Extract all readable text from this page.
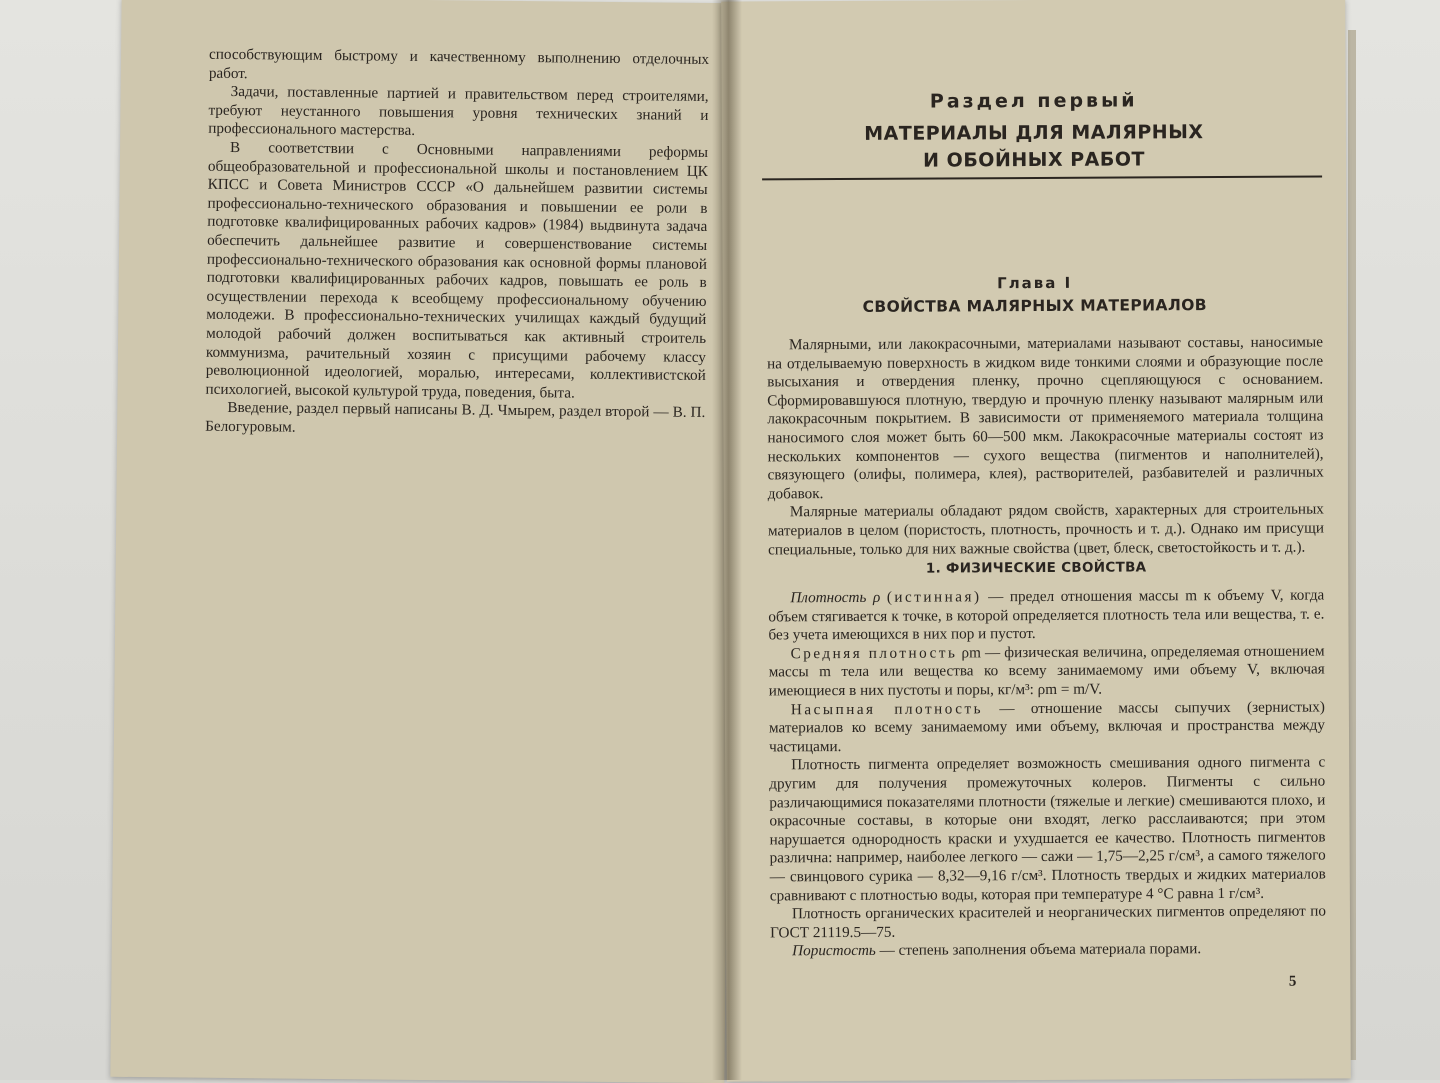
способствующим быстрому и качественному выполнению отделочных работ.

Задачи, поставленные партией и правительством перед строителями, требуют неустанного повышения уровня технических знаний и профессионального мастерства.

В соответствии с Основными направлениями реформы общеобразовательной и профессиональной школы и постановлением ЦК КПСС и Совета Министров СССР «О дальнейшем развитии системы профессионально-технического образования и повышении ее роли в подготовке квалифицированных рабочих кадров» (1984) выдвинута задача обеспечить дальнейшее развитие и совершенствование системы профессионально-технического образования как основной формы плановой подготовки квалифицированных рабочих кадров, повышать ее роль в осуществлении перехода к всеобщему профессиональному обучению молодежи. В профессионально-технических училищах каждый будущий молодой рабочий должен воспитываться как активный строитель коммунизма, рачительный хозяин с присущими рабочему классу революционной идеологией, моралью, интересами, коллективистской психологией, высокой культурой труда, поведения, быта.

Введение, раздел первый написаны В. Д. Чмырем, раздел второй — В. П. Белогуровым.

Раздел первый
МАТЕРИАЛЫ ДЛЯ МАЛЯРНЫХ
И ОБОЙНЫХ РАБОТ
Глава I
СВОЙСТВА МАЛЯРНЫХ МАТЕРИАЛОВ

Малярными, или лакокрасочными, материалами называют составы, наносимые на отделываемую поверхность в жидком виде тонкими слоями и образующие после высыхания и отвердения пленку, прочно сцепляющуюся с основанием. Сформировавшуюся плотную, твердую и прочную пленку называют малярным или лакокрасочным покрытием. В зависимости от применяемого материала толщина наносимого слоя может быть 60—500 мкм. Лакокрасочные материалы состоят из нескольких компонентов — сухого вещества (пигментов и наполнителей), связующего (олифы, полимера, клея), растворителей, разбавителей и различных добавок.

Малярные материалы обладают рядом свойств, характерных для строительных материалов в целом (пористость, плотность, прочность и т. д.). Однако им присущи специальные, только для них важные свойства (цвет, блеск, светостойкость и т. д.).

1. ФИЗИЧЕСКИЕ СВОЙСТВА

Плотность ρ (истинная) — предел отношения массы m к объему V, когда объем стягивается к точке, в которой определяется плотность тела или вещества, т. е. без учета имеющихся в них пор и пустот.

Средняя плотность ρm — физическая величина, определяемая отношением массы m тела или вещества ко всему занимаемому ими объему V, включая имеющиеся в них пустоты и поры, кг/м³: ρm = m/V.

Насыпная плотность — отношение массы сыпучих (зернистых) материалов ко всему занимаемому ими объему, включая и пространства между частицами.

Плотность пигмента определяет возможность смешивания одного пигмента с другим для получения промежуточных колеров. Пигменты с сильно различающимися показателями плотности (тяжелые и легкие) смешиваются плохо, и окрасочные составы, в которые они входят, легко расслаиваются; при этом нарушается однородность краски и ухудшается ее качество. Плотность пигментов различна: например, наиболее легкого — сажи — 1,75—2,25 г/см³, а самого тяжелого — свинцового сурика — 8,32—9,16 г/см³. Плотность твердых и жидких материалов сравнивают с плотностью воды, которая при температуре 4 °С равна 1 г/см³.

Плотность органических красителей и неорганических пигментов определяют по ГОСТ 21119.5—75.

Пористость — степень заполнения объема материала порами.

5
